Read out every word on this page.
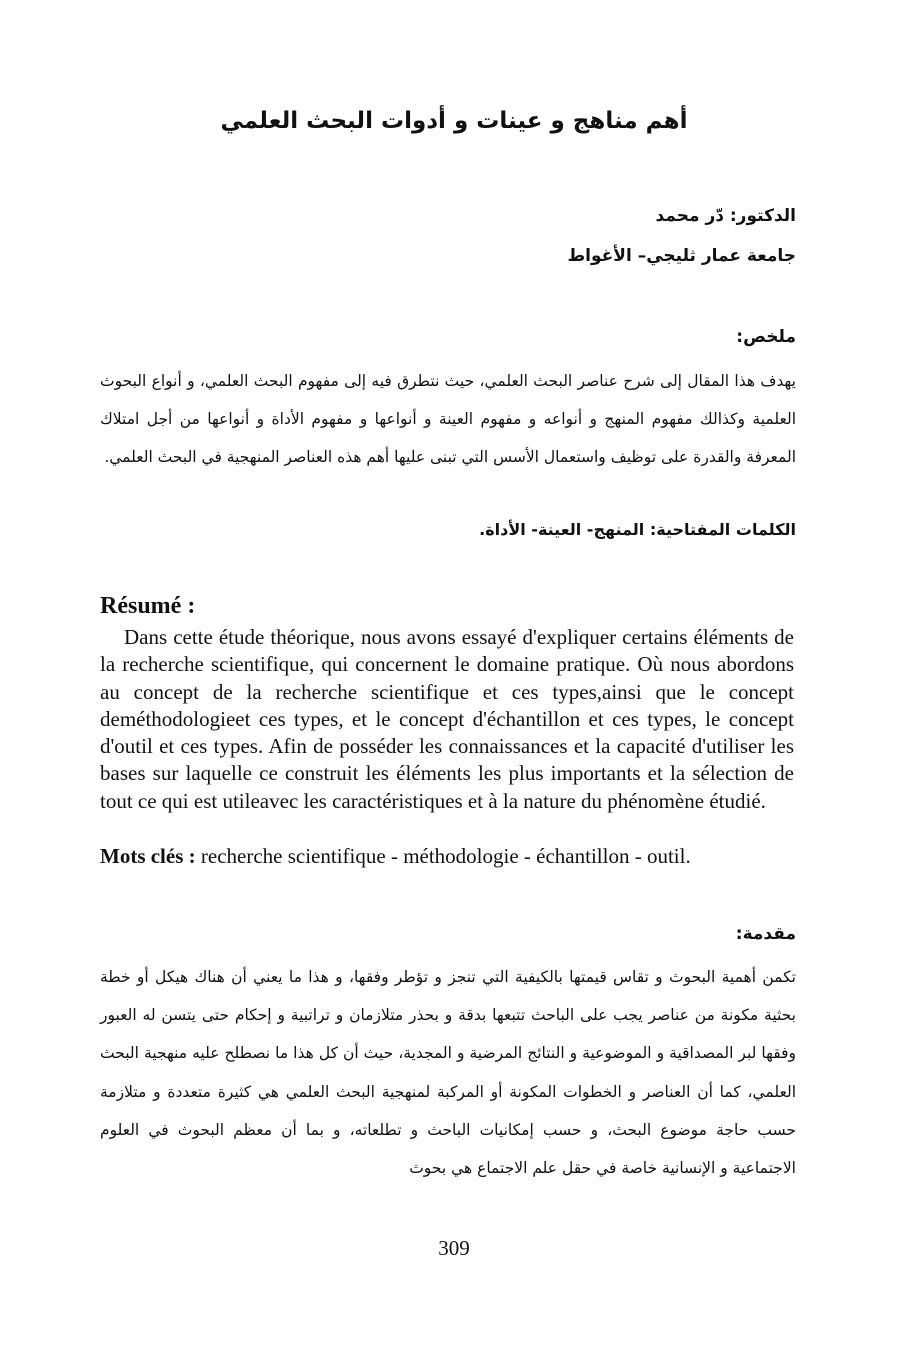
أهم مناهج و عينات و أدوات البحث العلمي
الدكتور: دّر محمد
جامعة عمار ثليجي– الأغواط
ملخص:
يهدف هذا المقال إلى شرح عناصر البحث العلمي، حيث نتطرق فيه إلى مفهوم البحث العلمي، و أنواع البحوث العلمية وكذالك مفهوم المنهج و أنواعه و مفهوم العينة و أنواعها و مفهوم الأداة و أنواعها من أجل امتلاك المعرفة والقدرة على توظيف واستعمال الأسس التي تبنى عليها أهم هذه العناصر المنهجية في البحث العلمي.
الكلمات المفتاحية: المنهج- العينة- الأداة.
Résumé :
Dans cette étude théorique, nous avons essayé d'expliquer certains éléments de la recherche scientifique, qui concernent le domaine pratique. Où nous abordons au concept de la recherche scientifique et ces types,ainsi que le concept deméthodologieet ces types, et le concept d'échantillon et ces types, le concept d'outil et ces types. Afin de posséder les connaissances et la capacité d'utiliser les bases sur laquelle ce construit les éléments les plus importants et la sélection de tout ce qui est utileavec les caractéristiques et à la nature du phénomène étudié.
Mots clés : recherche scientifique - méthodologie - échantillon - outil.
مقدمة:
تكمن أهمية البحوث و تقاس قيمتها بالكيفية التي تنجز و تؤطر وفقها، و هذا ما يعني أن هناك هيكل أو خطة بحثية مكونة من عناصر يجب على الباحث تتبعها بدقة و بحذر متلازمان و تراتبية و إحكام حتى يتسن له العبور وفقها لبر المصداقية و الموضوعية و النتائج المرضية و المجدية، حيث أن كل هذا ما نصطلح عليه منهجية البحث العلمي، كما أن العناصر و الخطوات المكونة أو المركبة لمنهجية البحث العلمي هي كثيرة متعددة و متلازمة حسب حاجة موضوع البحث، و حسب إمكانيات الباحث و تطلعاته، و بما أن معظم البحوث في العلوم الاجتماعية و الإنسانية خاصة في حقل علم الاجتماع هي بحوث
309
